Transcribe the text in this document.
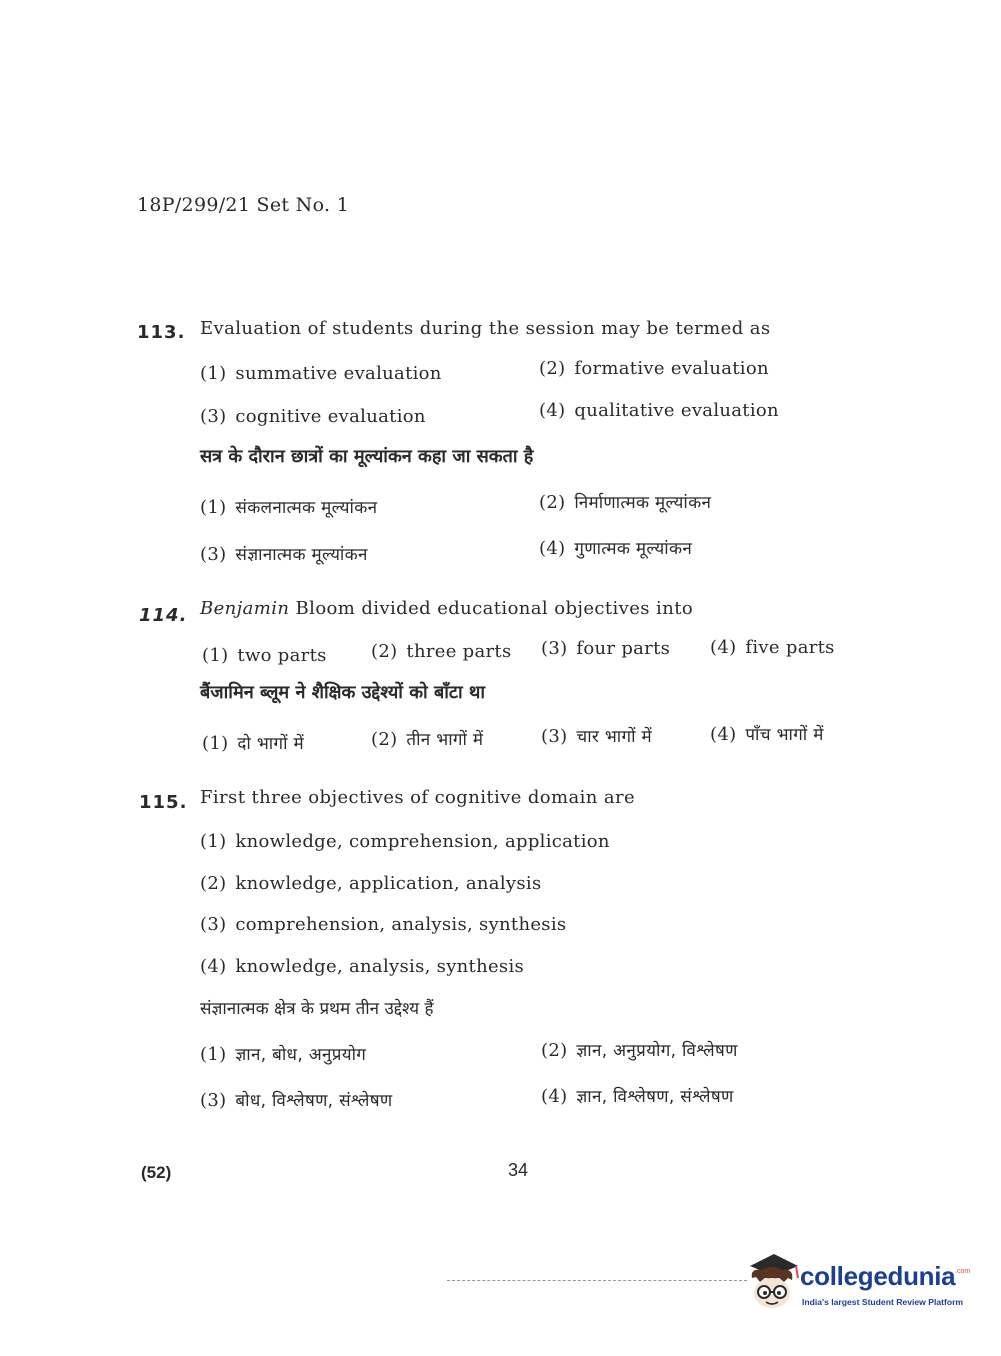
18P/299/21 Set No. 1
113. Evaluation of students during the session may be termed as
(1) summative evaluation	(2) formative evaluation
(3) cognitive evaluation	(4) qualitative evaluation
सत्र के दौरान छात्रों का मूल्यांकन कहा जा सकता है
(1) संकलनात्मक मूल्यांकन	(2) निर्माणात्मक मूल्यांकन
(3) संज्ञानात्मक मूल्यांकन	(4) गुणात्मक मूल्यांकन
114. Benjamin Bloom divided educational objectives into
(1) two parts (2) three parts (3) four parts (4) five parts
बैंजामिन ब्लूम ने शैक्षिक उद्देश्यों को बाँटा था
(1) दो भागों में	(2) तीन भागों में	(3) चार भागों में	(4) पाँच भागों में
115. First three objectives of cognitive domain are
(1) knowledge, comprehension, application
(2) knowledge, application, analysis
(3) comprehension, analysis, synthesis
(4) knowledge, analysis, synthesis
संज्ञानात्मक क्षेत्र के प्रथम तीन उद्देश्य हैं
(1) ज्ञान, बोध, अनुप्रयोग	(2) ज्ञान, अनुप्रयोग, विश्लेषण
(3) बोध, विश्लेषण, संश्लेषण	(4) ज्ञान, विश्लेषण, संश्लेषण
(52)	34
collegedunia .com
India's largest Student Review Platform
